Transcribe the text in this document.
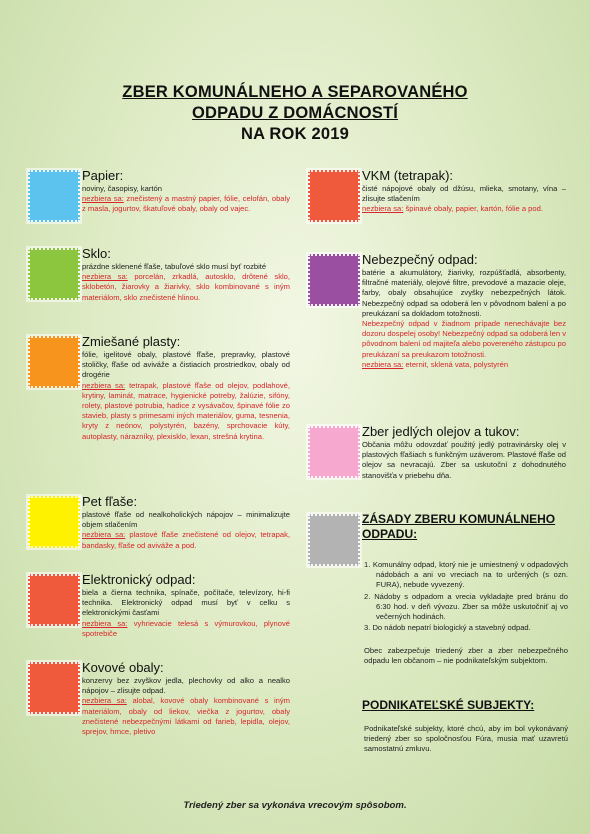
ZBER KOMUNÁLNEHO A SEPAROVANÉHO
ODPADU Z DOMÁCNOSTÍ
NA ROK 2019
Papier:
noviny, časopisy, kartón
nezbiera sa: znečistený a mastný papier, fólie, celofán, obaly z masla, jogurtov, škatuľové obaly, obaly od vajec.
Sklo:
prázdne sklenené fľaše, tabuľové sklo musí byť rozbité
nezbiera sa: porcelán, zrkadlá, autosklo, drôtené sklo, sklobetón, žiarovky a žiarivky, sklo kombinované s iným materiálom, sklo znečistené hlinou.
Zmiešané plasty:
fólie, igelitové obaly, plastové fľaše, prepravky, plastové stoličky, fľaše od aviváže a čistiacich prostriedkov, obaly od drogérie
nezbiera sa: tetrapak, plastové fľaše od olejov, podlahové, krytiny, laminát, matrace, hygienické potreby, žalúzie, sifóny, rolety, plastové potrubia, hadice z vysávačov, špinavé fólie zo stavieb, plasty s primesami iných materiálov, guma, tesnenia, kryty z neónov, polystyrén, bazény, sprchovacie kúty, autoplasty, nárazníky, plexisklo, lexan, strešná krytina.
Pet fľaše:
plastové fľaše od nealkoholických nápojov – minimalizujte objem stlačením
nezbiera sa: plastové fľaše znečistené od olejov, tetrapak, bandasky, fľaše od aviváže a pod.
Elektronický odpad:
biela a čierna technika, spínače, počítače, televízory, hi-fi technika. Elektronický odpad musí byť v celku s elektronickými časťami
nezbiera sa: vyhrievacie telesá s výmurovkou, plynové spotrebiče
Kovové obaly:
konzervy bez zvyškov jedla, plechovky od alko a nealko nápojov – zlisujte odpad.
nezbiera sa: alobal, kovové obaly kombinované s iným materiálom, obaly od liekov, viečka z jogurtov, obaly znečistené nebezpečnými látkami od farieb, lepidla, olejov, sprejov, hrnce, pletivo
VKM (tetrapak):
čisté nápojové obaly od džúsu, mlieka, smotany, vína – zlisujte stlačením
nezbiera sa: špinavé obaly, papier, kartón, fólie a pod.
Nebezpečný odpad:
batérie a akumulátory, žiarivky, rozpúšťadlá, absorbenty, filtračné materiály, olejové filtre, prevodové a mazacie oleje, farby, obaly obsahujúce zvyšky nebezpečných látok. Nebezpečný odpad sa odoberá len v pôvodnom balení a po preukázaní sa dokladom totožnosti.
Nebezpečný odpad v žiadnom prípade nenechávajte bez dozoru dospelej osoby! Nebezpečný odpad sa odoberá len v pôvodnom balení od majiteľa alebo povereného zástupcu po preukázaní sa preukazom totožnosti.
nezbiera sa: eternit, sklená vata, polystyrén
Zber jedlých olejov a tukov:
Občania môžu odovzdať použitý jedlý potravinársky olej v plastových fľašiach s funkčným uzáverom. Plastové fľaše od olejov sa nevracajú. Zber sa uskutoční z dohodnutého stanovišťa v priebehu dňa.
ZÁSADY ZBERU KOMUNÁLNEHO ODPADU:
1. Komunálny odpad, ktorý nie je umiestnený v odpadových nádobách a ani vo vreciach na to určených (s ozn. FURA), nebude vyvezený.
2. Nádoby s odpadom a vrecia vykladajte pred bránu do 6:30 hod. v deň vývozu. Zber sa môže uskutočniť aj vo večerných hodinách.
3. Do nádob nepatrí biologický a stavebný odpad.
Obec zabezpečuje triedený zber a zber nebezpečného odpadu len občanom – nie podnikateľským subjektom.
PODNIKATEĽSKÉ SUBJEKTY:
Podnikateľské subjekty, ktoré chcú, aby im bol vykonávaný triedený zber so spoločnosťou Fúra, musia mať uzavretú samostatnú zmluvu.
Triedený zber sa vykonáva vrecovým spôsobom.
